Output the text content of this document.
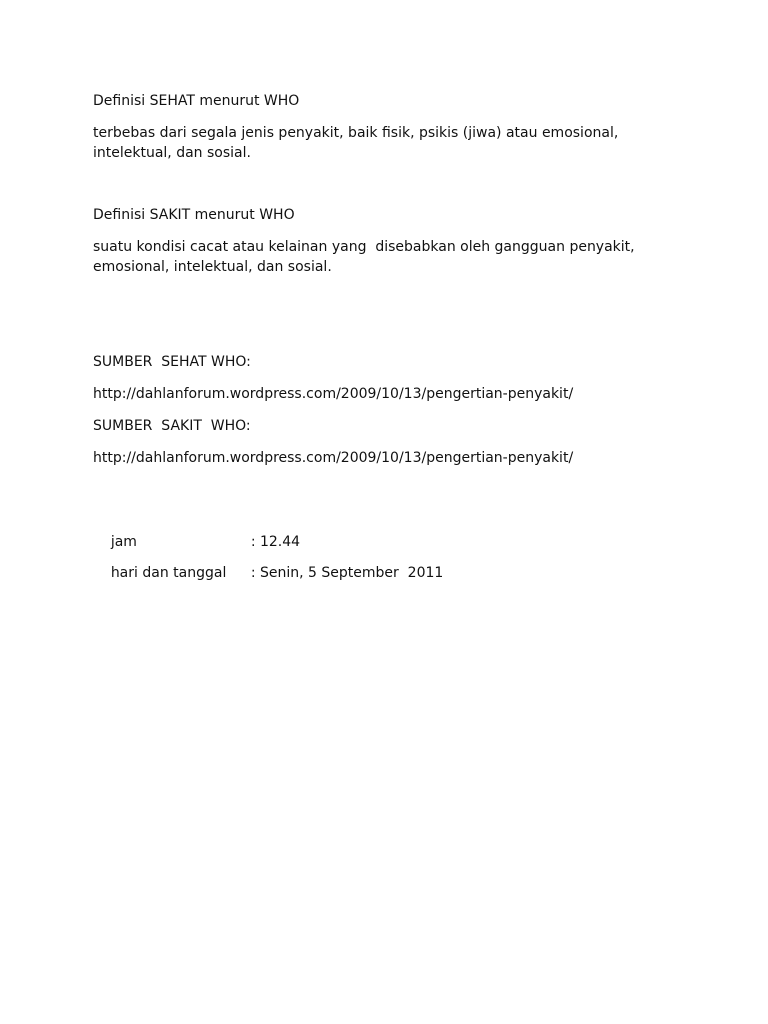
Definisi SEHAT menurut WHO

terbebas dari segala jenis penyakit, baik fisik, psikis (jiwa) atau emosional,

intelektual, dan sosial.

Definisi SAKIT menurut WHO

suatu kondisi cacat atau kelainan yang  disebabkan oleh gangguan penyakit,

emosional, intelektual, dan sosial.

SUMBER  SEHAT WHO:

http://dahlanforum.wordpress.com/2009/10/13/pengertian-penyakit/

SUMBER  SAKIT  WHO:

http://dahlanforum.wordpress.com/2009/10/13/pengertian-penyakit/

jam	: 12.44

hari dan tanggal : Senin, 5 September  2011
